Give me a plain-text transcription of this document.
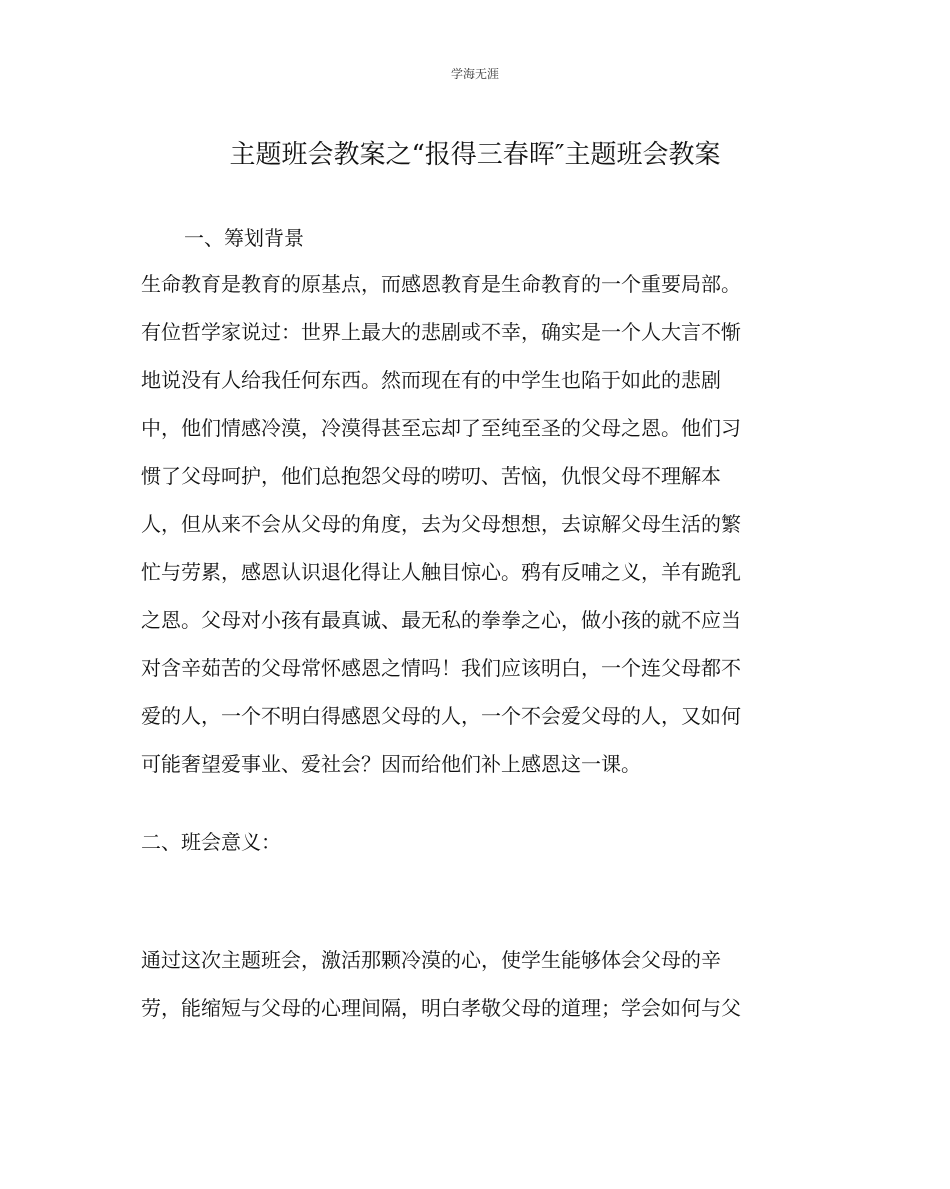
学海无涯
主题班会教案之“报得三春晖″主题班会教案
一、筹划背景
生命教育是教育的原基点，而感恩教育是生命教育的一个重要局部。
有位哲学家说过：世界上最大的悲剧或不幸，确实是一个人大言不惭
地说没有人给我任何东西。然而现在有的中学生也陷于如此的悲剧
中，他们情感冷漠，冷漠得甚至忘却了至纯至圣的父母之恩。他们习
惯了父母呵护，他们总抱怨父母的唠叨、苦恼，仇恨父母不理解本
人，但从来不会从父母的角度，去为父母想想，去谅解父母生活的繁
忙与劳累，感恩认识退化得让人触目惊心。鸦有反哺之义，羊有跪乳
之恩。父母对小孩有最真诚、最无私的拳拳之心，做小孩的就不应当
对含辛茹苦的父母常怀感恩之情吗！我们应该明白，一个连父母都不
爱的人，一个不明白得感恩父母的人，一个不会爱父母的人，又如何
可能奢望爱事业、爱社会？因而给他们补上感恩这一课。
二、班会意义：
通过这次主题班会，激活那颗冷漠的心，使学生能够体会父母的辛
劳，能缩短与父母的心理间隔，明白孝敬父母的道理；学会如何与父
